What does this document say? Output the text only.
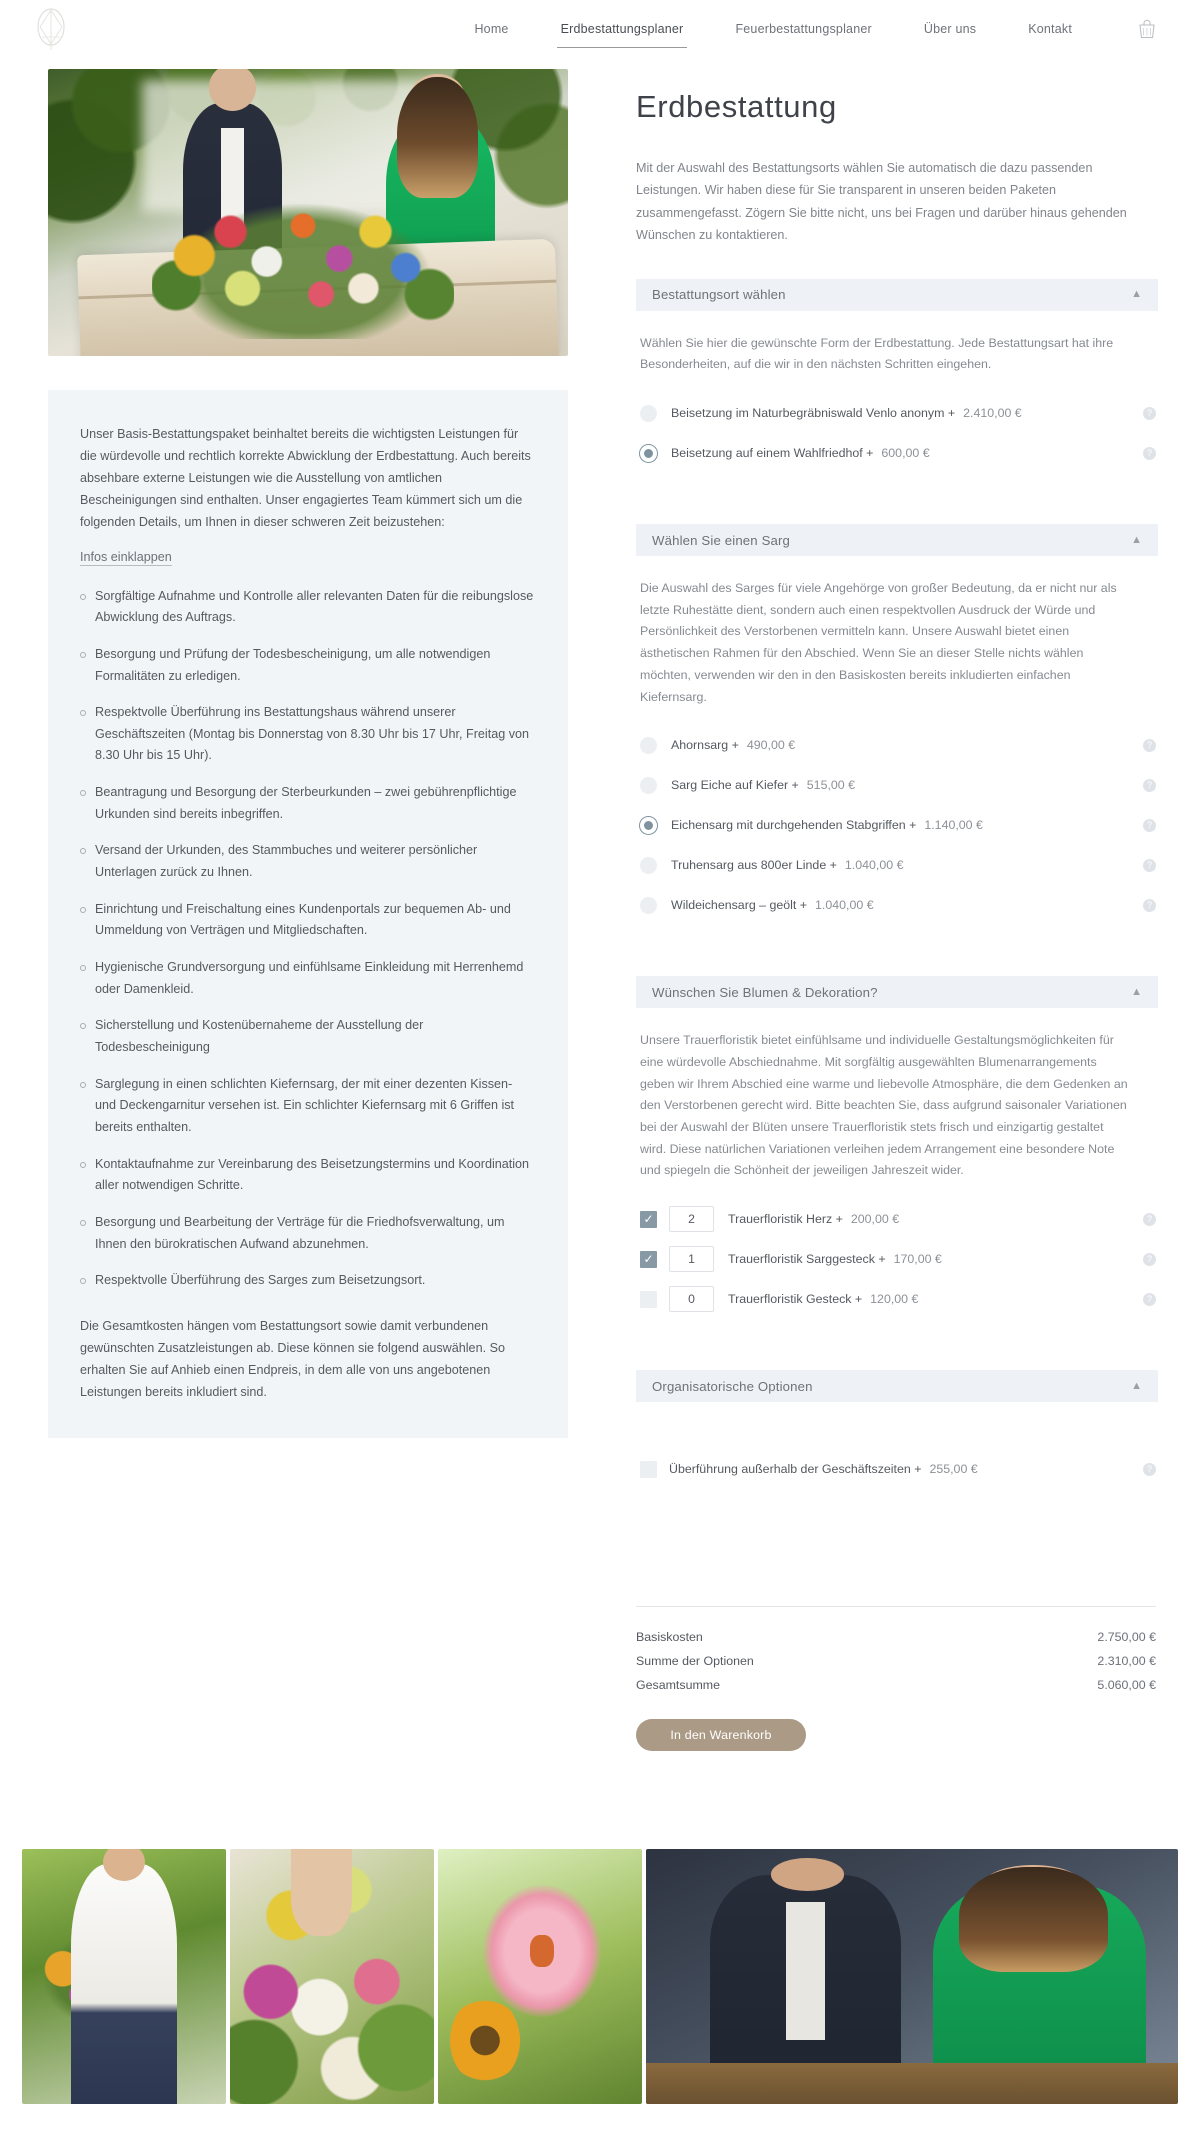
Home	Erdbestattungsplaner	Feuerbestattungsplaner	Über uns	Kontakt

Unser Basis-Bestattungspaket beinhaltet bereits die wichtigsten Leistungen für die würdevolle und rechtlich korrekte Abwicklung der Erdbestattung. Auch bereits absehbare externe Leistungen wie die Ausstellung von amtlichen Bescheinigungen sind enthalten. Unser engagiertes Team kümmert sich um die folgenden Details, um Ihnen in dieser schweren Zeit beizustehen:

Infos einklappen
Sorgfältige Aufnahme und Kontrolle aller relevanten Daten für die reibungslose Abwicklung des Auftrags.
Besorgung und Prüfung der Todesbescheinigung, um alle notwendigen Formalitäten zu erledigen.
Respektvolle Überführung ins Bestattungshaus während unserer Geschäftszeiten (Montag bis Donnerstag von 8.30 Uhr bis 17 Uhr, Freitag von 8.30 Uhr bis 15 Uhr).
Beantragung und Besorgung der Sterbeurkunden – zwei gebührenpflichtige Urkunden sind bereits inbegriffen.
Versand der Urkunden, des Stammbuches und weiterer persönlicher Unterlagen zurück zu Ihnen.
Einrichtung und Freischaltung eines Kundenportals zur bequemen Ab- und Ummeldung von Verträgen und Mitgliedschaften.
Hygienische Grundversorgung und einfühlsame Einkleidung mit Herrenhemd oder Damenkleid.
Sicherstellung und Kostenübernaheme der Ausstellung der Todesbescheinigung
Sarglegung in einen schlichten Kiefernsarg, der mit einer dezenten Kissen- und Deckengarnitur versehen ist. Ein schlichter Kiefernsarg mit 6 Griffen ist bereits enthalten.
Kontaktaufnahme zur Vereinbarung des Beisetzungstermins und Koordination aller notwendigen Schritte.
Besorgung und Bearbeitung der Verträge für die Friedhofsverwaltung, um Ihnen den bürokratischen Aufwand abzunehmen.
Respektvolle Überführung des Sarges zum Beisetzungsort.

Die Gesamtkosten hängen vom Bestattungsort sowie damit verbundenen gewünschten Zusatzleistungen ab. Diese können sie folgend auswählen. So erhalten Sie auf Anhieb einen Endpreis, in dem alle von uns angebotenen Leistungen bereits inkludiert sind.

Erdbestattung

Mit der Auswahl des Bestattungsorts wählen Sie automatisch die dazu passenden Leistungen. Wir haben diese für Sie transparent in unseren beiden Paketen zusammengefasst. Zögern Sie bitte nicht, uns bei Fragen und darüber hinaus gehenden Wünschen zu kontaktieren.

Bestattungsort wählen	▲

Wählen Sie hier die gewünschte Form der Erdbestattung. Jede Bestattungsart hat ihre Besonderheiten, auf die wir in den nächsten Schritten eingehen.

Beisetzung im Naturbegräbniswald Venlo anonym + 2.410,00 €	?
Beisetzung auf einem Wahlfriedhof + 600,00 €	?
Wählen Sie einen Sarg	▲

Die Auswahl des Sarges für viele Angehörge von großer Bedeutung, da er nicht nur als letzte Ruhestätte dient, sondern auch einen respektvollen Ausdruck der Würde und Persönlichkeit des Verstorbenen vermitteln kann. Unsere Auswahl bietet einen ästhetischen Rahmen für den Abschied. Wenn Sie an dieser Stelle nichts wählen möchten, verwenden wir den in den Basiskosten bereits inkludierten einfachen Kiefernsarg.

Ahornsarg + 490,00 €	?
Sarg Eiche auf Kiefer + 515,00 €	?
Eichensarg mit durchgehenden Stabgriffen + 1.140,00 €	?
Truhensarg aus 800er Linde + 1.040,00 €	?
Wildeichensarg – geölt + 1.040,00 €	?
Wünschen Sie Blumen & Dekoration?	▲

Unsere Trauerfloristik bietet einfühlsame und individuelle Gestaltungsmöglichkeiten für eine würdevolle Abschiednahme. Mit sorgfältig ausgewählten Blumenarrangements geben wir Ihrem Abschied eine warme und liebevolle Atmosphäre, die dem Gedenken an den Verstorbenen gerecht wird. Bitte beachten Sie, dass aufgrund saisonaler Variationen bei der Auswahl der Blüten unsere Trauerfloristik stets frisch und einzigartig gestaltet wird. Diese natürlichen Variationen verleihen jedem Arrangement eine besondere Note und spiegeln die Schönheit der jeweiligen Jahreszeit wider.

✓
2	Trauerfloristik Herz + 200,00 €	?
✓
1	Trauerfloristik Sarggesteck + 170,00 €	?
0	Trauerfloristik Gesteck + 120,00 €	?
Organisatorische Optionen	▲
Überführung außerhalb der Geschäftszeiten + 255,00 €	?
Basiskosten	2.750,00 €
Summe der Optionen	2.310,00 €
Gesamtsumme	5.060,00 €
In den Warenkorb
